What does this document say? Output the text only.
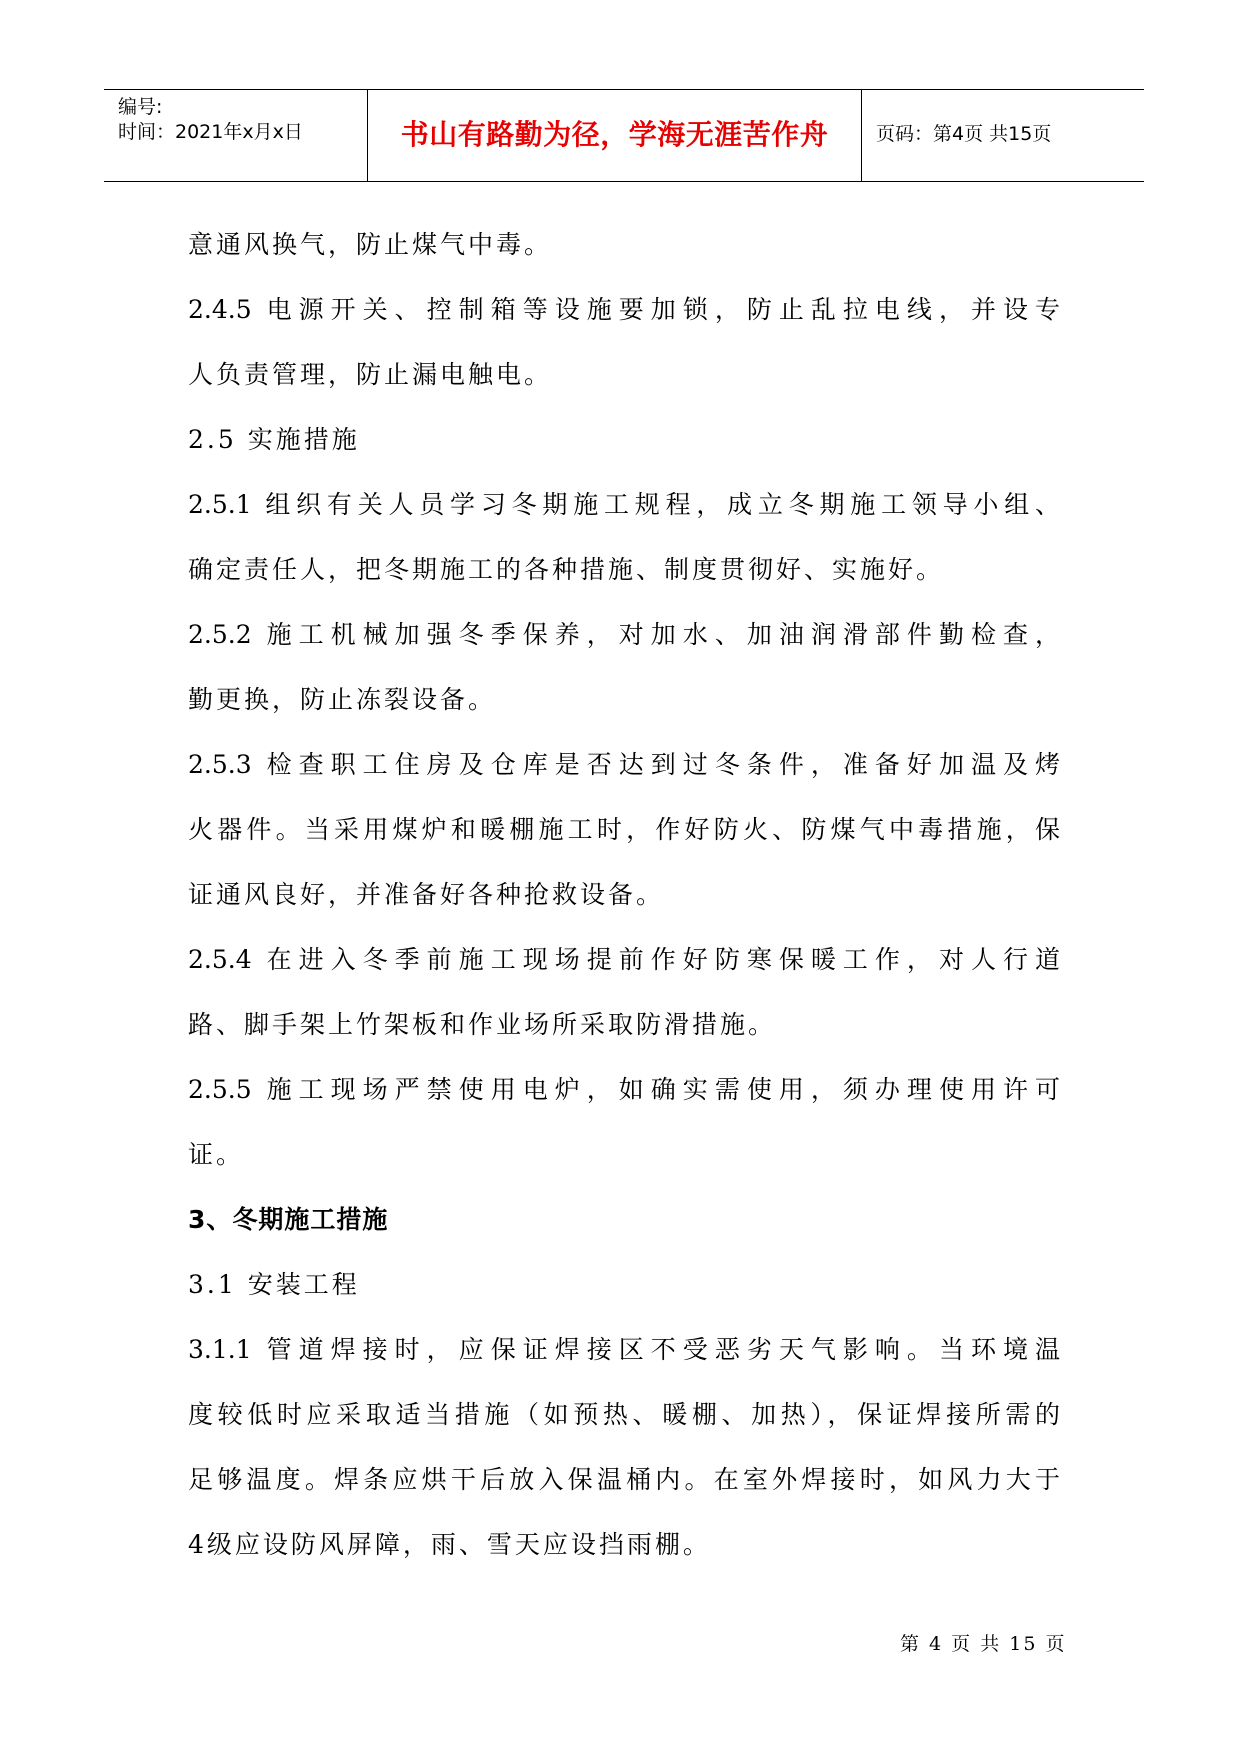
编号:
时间：2021年x月x日	书山有路勤为径，学海无涯苦作舟	页码：第4页 共15页
意通风换气，防止煤气中毒。
2.4.5 电源开关、控制箱等设施要加锁，防止乱拉电线，并设专
人负责管理，防止漏电触电。
2.5 实施措施
2.5.1 组织有关人员学习冬期施工规程，成立冬期施工领导小组、
确定责任人，把冬期施工的各种措施、制度贯彻好、实施好。
2.5.2 施工机械加强冬季保养，对加水、加油润滑部件勤检查，
勤更换，防止冻裂设备。
2.5.3 检查职工住房及仓库是否达到过冬条件，准备好加温及烤
火器件。当采用煤炉和暖棚施工时，作好防火、防煤气中毒措施，保
证通风良好，并准备好各种抢救设备。
2.5.4 在进入冬季前施工现场提前作好防寒保暖工作，对人行道
路、脚手架上竹架板和作业场所采取防滑措施。
2.5.5 施工现场严禁使用电炉，如确实需使用，须办理使用许可
证。
3、冬期施工措施
3.1 安装工程
3.1.1 管道焊接时，应保证焊接区不受恶劣天气影响。当环境温
度较低时应采取适当措施（如预热、暖棚、加热），保证焊接所需的
足够温度。焊条应烘干后放入保温桶内。在室外焊接时，如风力大于
4级应设防风屏障，雨、雪天应设挡雨棚。
第 4 页 共 15 页
